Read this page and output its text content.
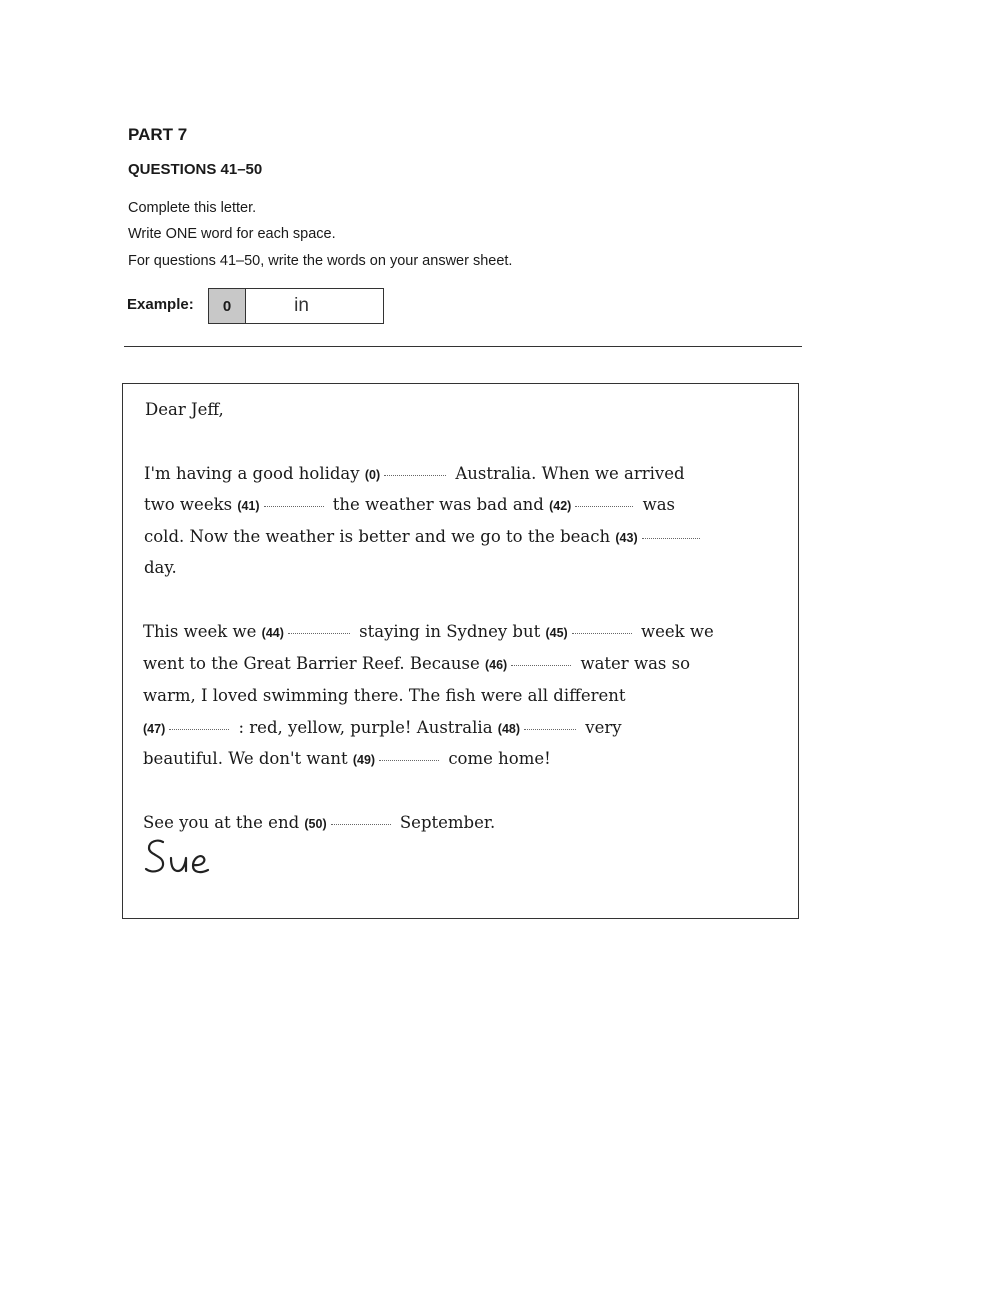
PART 7
QUESTIONS 41–50
Complete this letter.
Write ONE word for each space.
For questions 41–50, write the words on your answer sheet.
Example:	0	in
Dear Jeff,
I'm having a good holiday (0)	Australia. When we arrived
two weeks (41)	the weather was bad and (42)	was
cold. Now the weather is better and we go to the beach (43)
day.
This week we (44)	staying in Sydney but (45)	week we
went to the Great Barrier Reef. Because (46)	water was so
warm, I loved swimming there. The fish were all different
(47)	: red, yellow, purple! Australia (48)	very
beautiful. We don't want (49)	come home!
See you at the end (50)	September.
